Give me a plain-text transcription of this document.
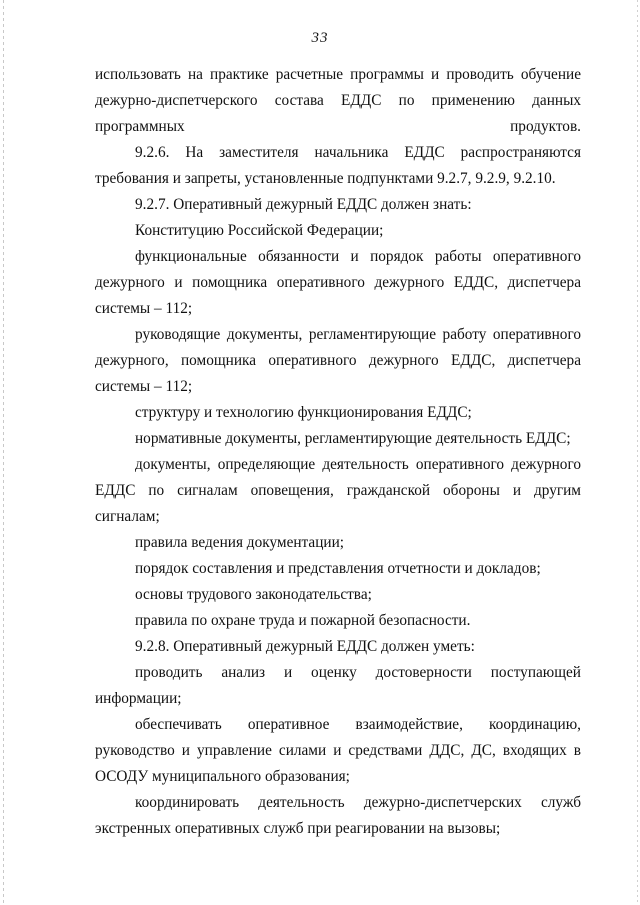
33

использовать на практике расчетные программы и проводить обучение дежурно-диспетчерского состава ЕДДС по применению данных программных продуктов.

9.2.6. На заместителя начальника ЕДДС распространяются требования и запреты, установленные подпунктами 9.2.7, 9.2.9, 9.2.10.

9.2.7. Оперативный дежурный ЕДДС должен знать:

Конституцию Российской Федерации;

функциональные обязанности и порядок работы оперативного дежурного и помощника оперативного дежурного ЕДДС, диспетчера системы – 112;

руководящие документы, регламентирующие работу оперативного дежурного, помощника оперативного дежурного ЕДДС, диспетчера системы – 112;

структуру и технологию функционирования ЕДДС;

нормативные документы, регламентирующие деятельность ЕДДС;

документы, определяющие деятельность оперативного дежурного ЕДДС по сигналам оповещения, гражданской обороны и другим сигналам;

правила ведения документации;

порядок составления и представления отчетности и докладов;

основы трудового законодательства;

правила по охране труда и пожарной безопасности.

9.2.8. Оперативный дежурный ЕДДС должен уметь:

проводить анализ и оценку достоверности поступающей информации;

обеспечивать оперативное взаимодействие, координацию, руководство и управление силами и средствами ДДС, ДС, входящих в ОСОДУ муниципального образования;

координировать деятельность дежурно-диспетчерских служб экстренных оперативных служб при реагировании на вызовы;
